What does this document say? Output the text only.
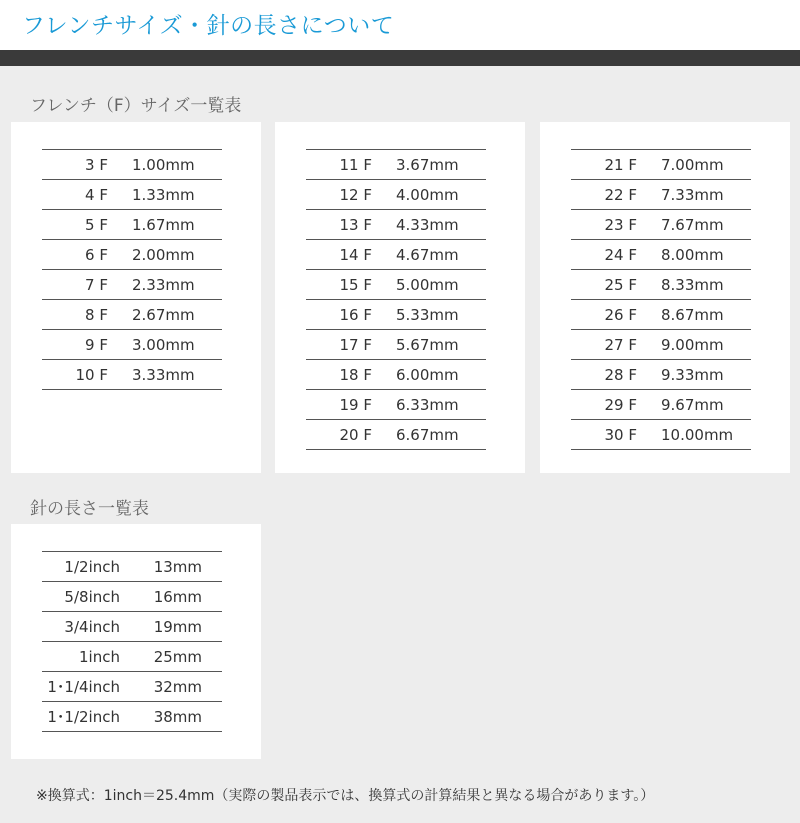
フレンチサイズ・針の長さについて
フレンチ（F）サイズ一覧表
3 F	1.00mm
4 F	1.33mm
5 F	1.67mm
6 F	2.00mm
7 F	2.33mm
8 F	2.67mm
9 F	3.00mm
10 F	3.33mm
11 F	3.67mm
12 F	4.00mm
13 F	4.33mm
14 F	4.67mm
15 F	5.00mm
16 F	5.33mm
17 F	5.67mm
18 F	6.00mm
19 F	6.33mm
20 F	6.67mm
21 F	7.00mm
22 F	7.33mm
23 F	7.67mm
24 F	8.00mm
25 F	8.33mm
26 F	8.67mm
27 F	9.00mm
28 F	9.33mm
29 F	9.67mm
30 F	10.00mm
針の長さ一覧表
1/2inch	13mm
5/8inch	16mm
3/4inch	19mm
1inch	25mm
1･1/4inch	32mm
1･1/2inch	38mm
※換算式：1inch＝25.4mm（実際の製品表示では、換算式の計算結果と異なる場合があります。）
